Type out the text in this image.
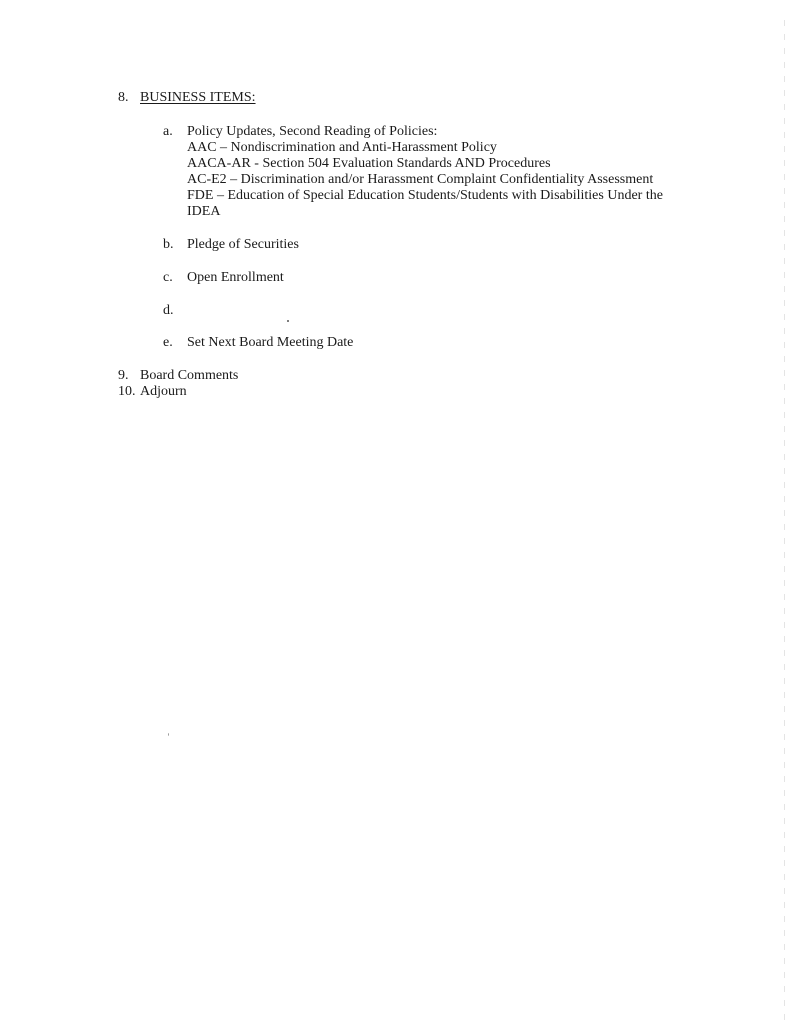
8. BUSINESS ITEMS:
a. Policy Updates, Second Reading of Policies:
AAC – Nondiscrimination and Anti-Harassment Policy
AACA-AR - Section 504 Evaluation Standards AND Procedures
AC-E2 – Discrimination and/or Harassment Complaint Confidentiality Assessment
FDE – Education of Special Education Students/Students with Disabilities Under the
IDEA
b. Pledge of Securities
c. Open Enrollment
d.
e. Set Next Board Meeting Date
9. Board Comments
10. Adjourn
